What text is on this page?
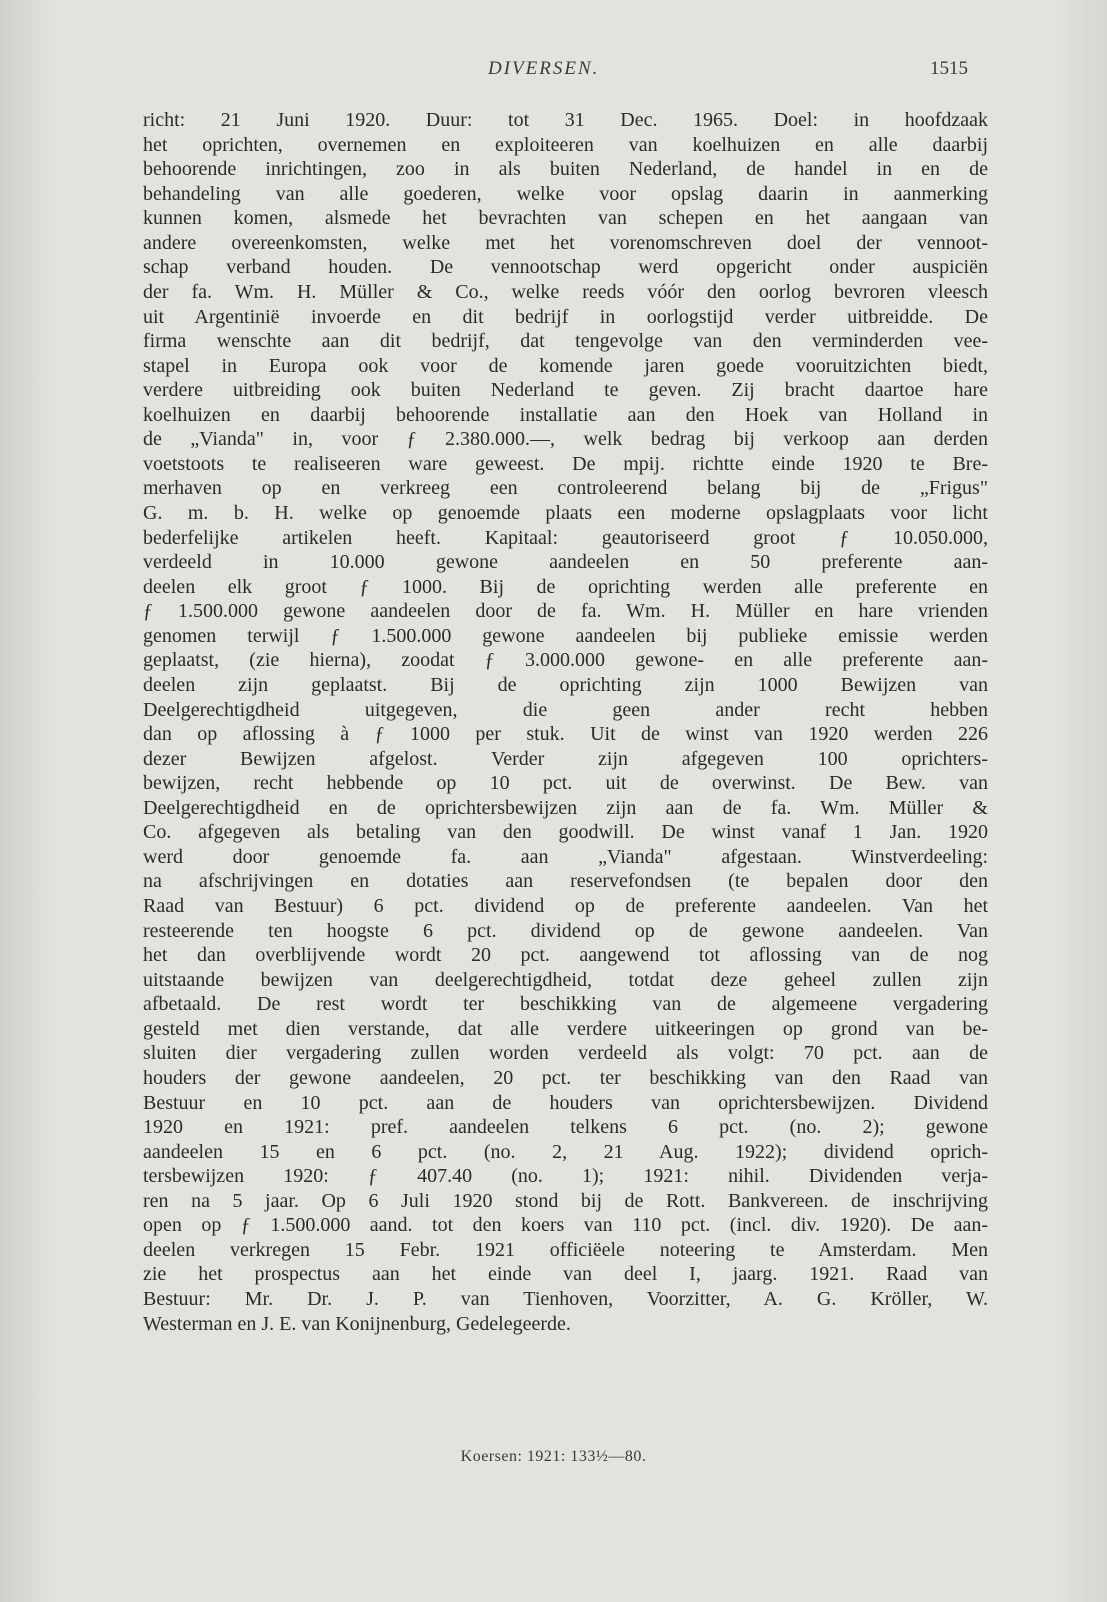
DIVERSEN.	1515
richt: 21 Juni 1920. Duur: tot 31 Dec. 1965. Doel: in hoofdzaak
het oprichten, overnemen en exploiteeren van koelhuizen en alle daarbij
behoorende inrichtingen, zoo in als buiten Nederland, de handel in en de
behandeling van alle goederen, welke voor opslag daarin in aanmerking
kunnen komen, alsmede het bevrachten van schepen en het aangaan van
andere overeenkomsten, welke met het vorenomschreven doel der vennoot-
schap verband houden. De vennootschap werd opgericht onder auspiciën
der fa. Wm. H. Müller & Co., welke reeds vóór den oorlog bevroren vleesch
uit Argentinië invoerde en dit bedrijf in oorlogstijd verder uitbreidde. De
firma wenschte aan dit bedrijf, dat tengevolge van den verminderden vee-
stapel in Europa ook voor de komende jaren goede vooruitzichten biedt,
verdere uitbreiding ook buiten Nederland te geven. Zij bracht daartoe hare
koelhuizen en daarbij behoorende installatie aan den Hoek van Holland in
de „Vianda" in, voor ƒ 2.380.000.—, welk bedrag bij verkoop aan derden
voetstoots te realiseeren ware geweest. De mpij. richtte einde 1920 te Bre-
merhaven op en verkreeg een controleerend belang bij de „Frigus"
G. m. b. H. welke op genoemde plaats een moderne opslagplaats voor licht
bederfelijke artikelen heeft. Kapitaal: geautoriseerd groot ƒ 10.050.000,
verdeeld in 10.000 gewone aandeelen en 50 preferente aan-
deelen elk groot ƒ 1000. Bij de oprichting werden alle preferente en
ƒ 1.500.000 gewone aandeelen door de fa. Wm. H. Müller en hare vrienden
genomen terwijl ƒ 1.500.000 gewone aandeelen bij publieke emissie werden
geplaatst, (zie hierna), zoodat ƒ 3.000.000 gewone- en alle preferente aan-
deelen zijn geplaatst. Bij de oprichting zijn 1000 Bewijzen van
Deelgerechtigdheid uitgegeven, die geen ander recht hebben
dan op aflossing à ƒ 1000 per stuk. Uit de winst van 1920 werden 226
dezer Bewijzen afgelost. Verder zijn afgegeven 100 oprichters-
bewijzen, recht hebbende op 10 pct. uit de overwinst. De Bew. van
Deelgerechtigdheid en de oprichtersbewijzen zijn aan de fa. Wm. Müller &
Co. afgegeven als betaling van den goodwill. De winst vanaf 1 Jan. 1920
werd door genoemde fa. aan „Vianda" afgestaan. Winstverdeeling:
na afschrijvingen en dotaties aan reservefondsen (te bepalen door den
Raad van Bestuur) 6 pct. dividend op de preferente aandeelen. Van het
resteerende ten hoogste 6 pct. dividend op de gewone aandeelen. Van
het dan overblijvende wordt 20 pct. aangewend tot aflossing van de nog
uitstaande bewijzen van deelgerechtigdheid, totdat deze geheel zullen zijn
afbetaald. De rest wordt ter beschikking van de algemeene vergadering
gesteld met dien verstande, dat alle verdere uitkeeringen op grond van be-
sluiten dier vergadering zullen worden verdeeld als volgt: 70 pct. aan de
houders der gewone aandeelen, 20 pct. ter beschikking van den Raad van
Bestuur en 10 pct. aan de houders van oprichtersbewijzen. Dividend
1920 en 1921: pref. aandeelen telkens 6 pct. (no. 2); gewone
aandeelen 15 en 6 pct. (no. 2, 21 Aug. 1922); dividend oprich-
tersbewijzen 1920: ƒ 407.40 (no. 1); 1921: nihil. Dividenden verja-
ren na 5 jaar. Op 6 Juli 1920 stond bij de Rott. Bankvereen. de inschrijving
open op ƒ 1.500.000 aand. tot den koers van 110 pct. (incl. div. 1920). De aan-
deelen verkregen 15 Febr. 1921 officiëele noteering te Amsterdam. Men
zie het prospectus aan het einde van deel I, jaarg. 1921. Raad van
Bestuur: Mr. Dr. J. P. van Tienhoven, Voorzitter, A. G. Kröller, W.
Westerman en J. E. van Konijnenburg, Gedelegeerde.
Koersen: 1921: 133½—80.
